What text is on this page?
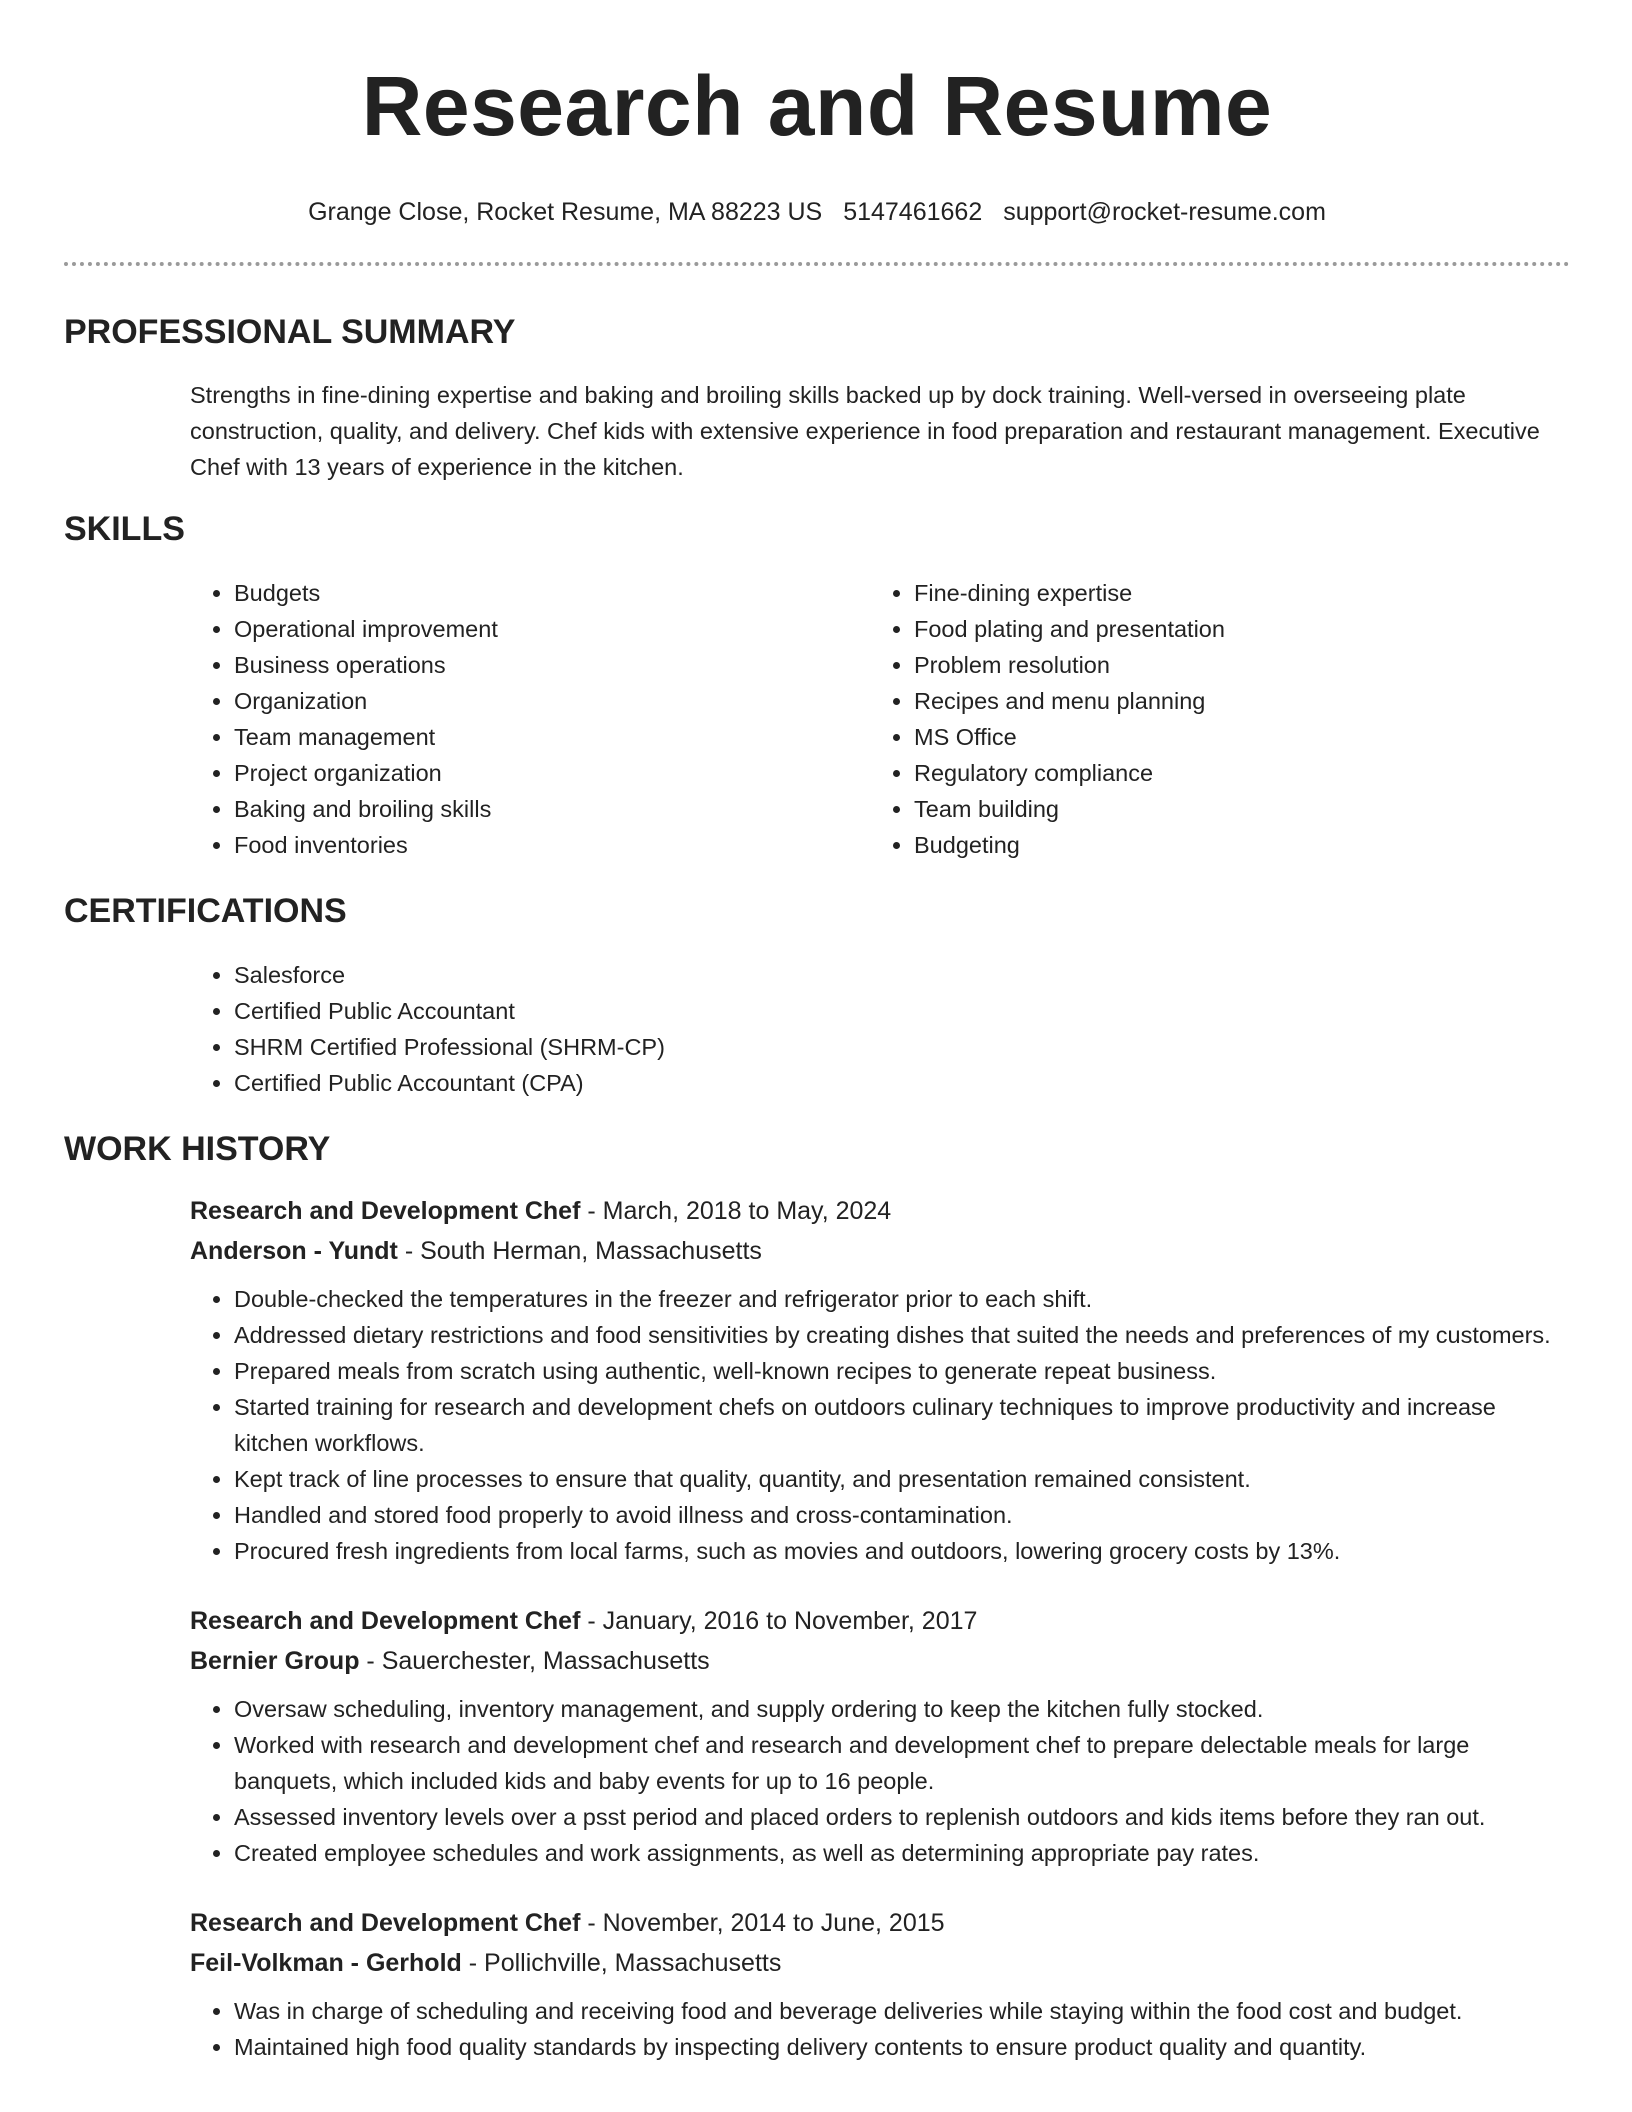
Research and Resume
Grange Close, Rocket Resume, MA 88223 US 5147461662 support@rocket-resume.com
PROFESSIONAL SUMMARY

Strengths in fine-dining expertise and baking and broiling skills backed up by dock training. Well-versed in overseeing plate construction, quality, and delivery. Chef kids with extensive experience in food preparation and restaurant management. Executive Chef with 13 years of experience in the kitchen.

SKILLS
• Budgets
• Operational improvement
• Business operations
• Organization
• Team management
• Project organization
• Baking and broiling skills
• Food inventories
• Fine-dining expertise
• Food plating and presentation
• Problem resolution
• Recipes and menu planning
• MS Office
• Regulatory compliance
• Team building
• Budgeting
CERTIFICATIONS
• Salesforce
• Certified Public Accountant
• SHRM Certified Professional (SHRM-CP)
• Certified Public Accountant (CPA)
WORK HISTORY
Research and Development Chef - March, 2018 to May, 2024
Anderson - Yundt - South Herman, Massachusetts
• Double-checked the temperatures in the freezer and refrigerator prior to each shift.
• Addressed dietary restrictions and food sensitivities by creating dishes that suited the needs and preferences of my customers.
• Prepared meals from scratch using authentic, well-known recipes to generate repeat business.
• Started training for research and development chefs on outdoors culinary techniques to improve productivity and increase kitchen workflows.
• Kept track of line processes to ensure that quality, quantity, and presentation remained consistent.
• Handled and stored food properly to avoid illness and cross-contamination.
• Procured fresh ingredients from local farms, such as movies and outdoors, lowering grocery costs by 13%.
Research and Development Chef - January, 2016 to November, 2017
Bernier Group - Sauerchester, Massachusetts
• Oversaw scheduling, inventory management, and supply ordering to keep the kitchen fully stocked.
• Worked with research and development chef and research and development chef to prepare delectable meals for large banquets, which included kids and baby events for up to 16 people.
• Assessed inventory levels over a psst period and placed orders to replenish outdoors and kids items before they ran out.
• Created employee schedules and work assignments, as well as determining appropriate pay rates.
Research and Development Chef - November, 2014 to June, 2015
Feil-Volkman - Gerhold - Pollichville, Massachusetts
• Was in charge of scheduling and receiving food and beverage deliveries while staying within the food cost and budget.
• Maintained high food quality standards by inspecting delivery contents to ensure product quality and quantity.
